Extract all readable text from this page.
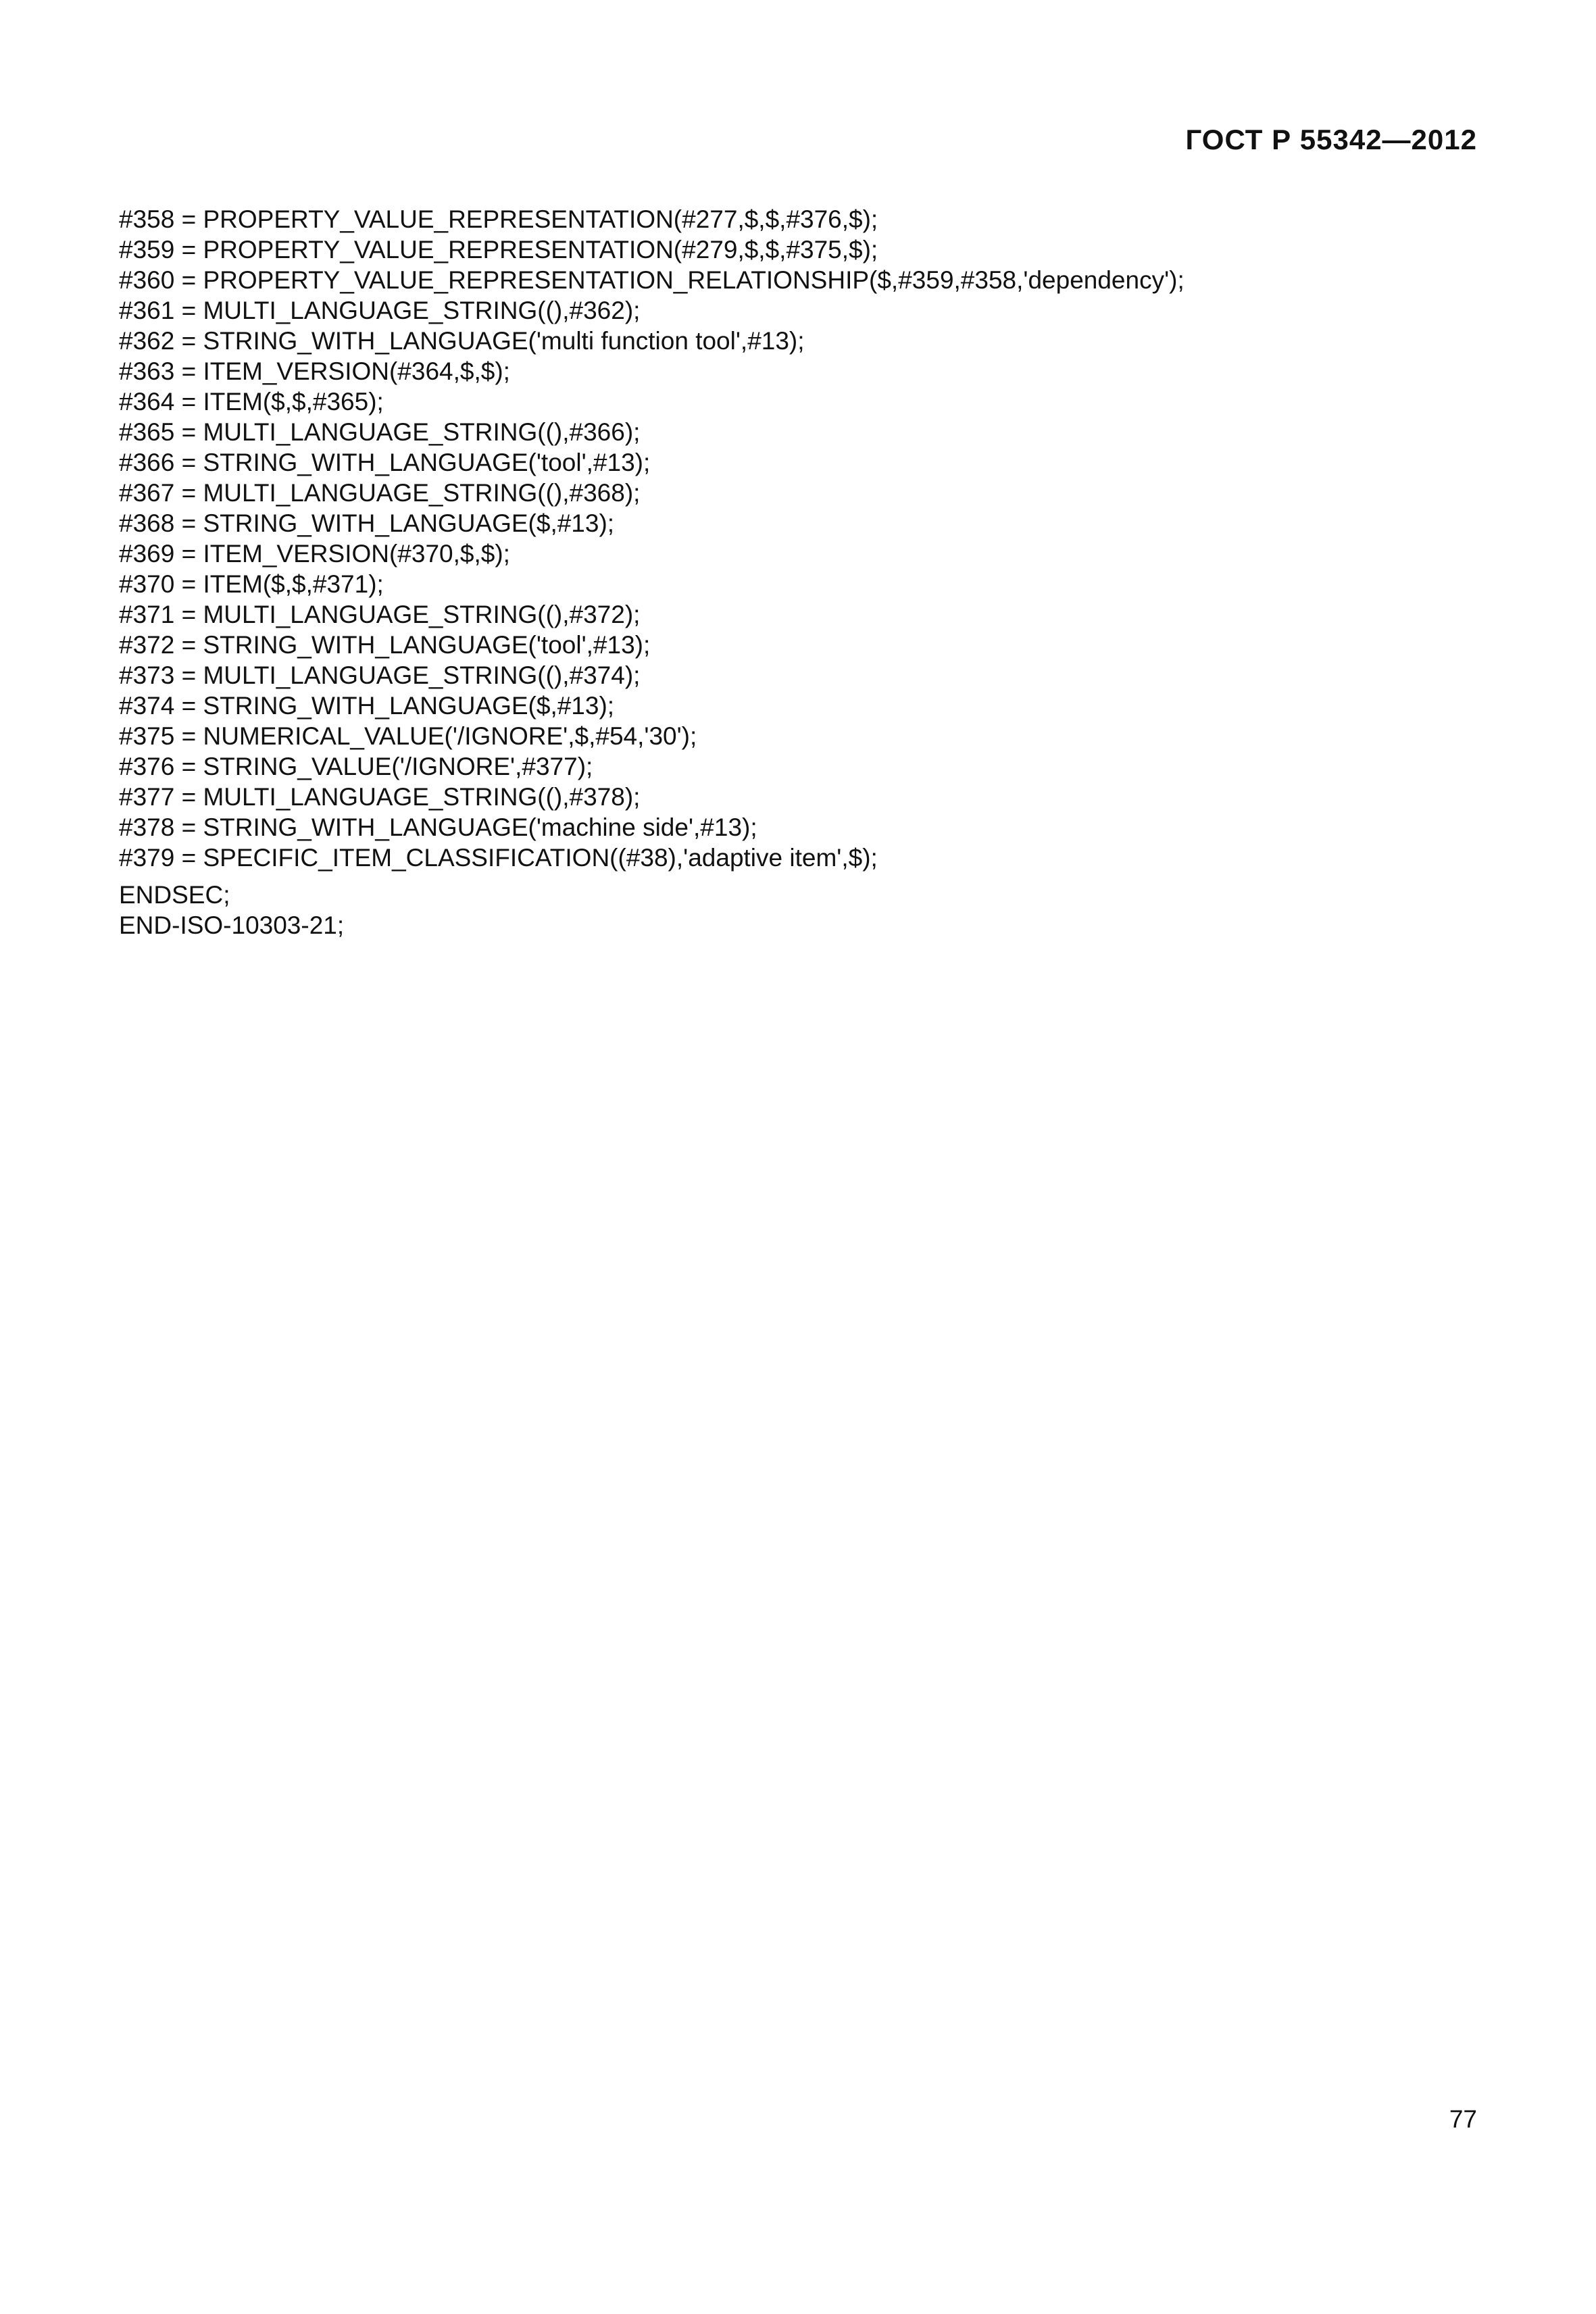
ГОСТ Р 55342—2012
#358 = PROPERTY_VALUE_REPRESENTATION(#277,$,$,#376,$);
#359 = PROPERTY_VALUE_REPRESENTATION(#279,$,$,#375,$);
#360 = PROPERTY_VALUE_REPRESENTATION_RELATIONSHIP($,#359,#358,'dependency');
#361 = MULTI_LANGUAGE_STRING((),#362);
#362 = STRING_WITH_LANGUAGE('multi function tool',#13);
#363 = ITEM_VERSION(#364,$,$);
#364 = ITEM($,$,#365);
#365 = MULTI_LANGUAGE_STRING((),#366);
#366 = STRING_WITH_LANGUAGE('tool',#13);
#367 = MULTI_LANGUAGE_STRING((),#368);
#368 = STRING_WITH_LANGUAGE($,#13);
#369 = ITEM_VERSION(#370,$,$);
#370 = ITEM($,$,#371);
#371 = MULTI_LANGUAGE_STRING((),#372);
#372 = STRING_WITH_LANGUAGE('tool',#13);
#373 = MULTI_LANGUAGE_STRING((),#374);
#374 = STRING_WITH_LANGUAGE($,#13);
#375 = NUMERICAL_VALUE('/IGNORE',$,#54,'30');
#376 = STRING_VALUE('/IGNORE',#377);
#377 = MULTI_LANGUAGE_STRING((),#378);
#378 = STRING_WITH_LANGUAGE('machine side',#13);
#379 = SPECIFIC_ITEM_CLASSIFICATION((#38),'adaptive item',$);
ENDSEC;
END-ISO-10303-21;
77
